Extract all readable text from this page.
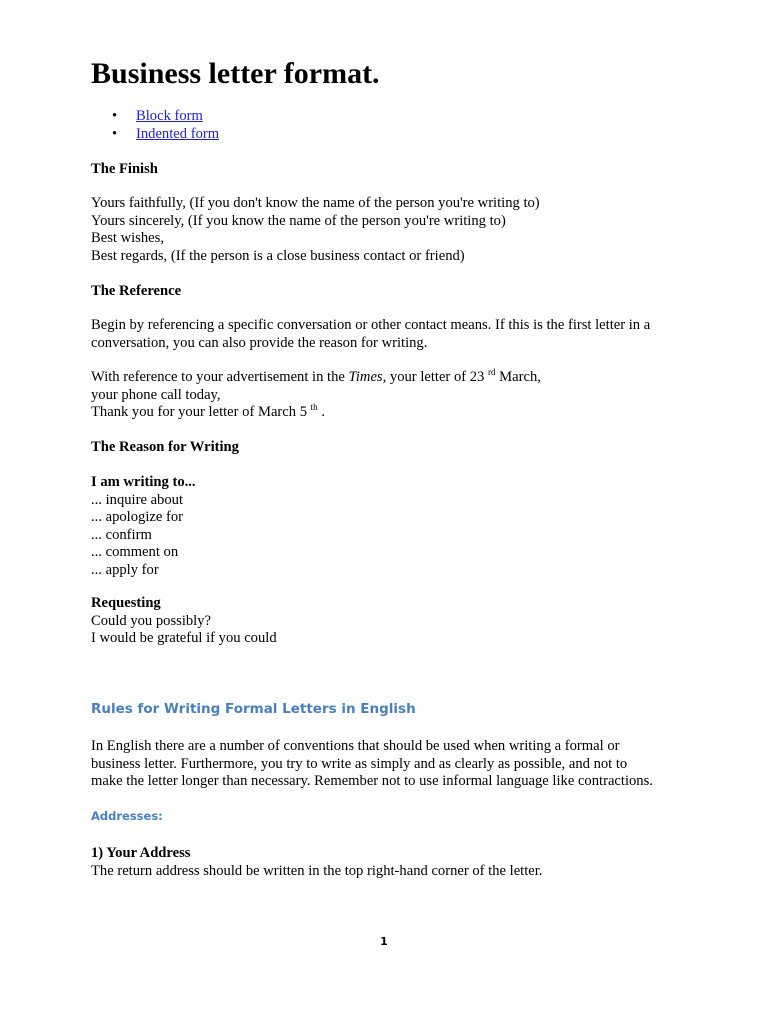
Business letter format.
• Block form
• Indented form
The Finish
Yours faithfully, (If you don't know the name of the person you're writing to)
Yours sincerely, (If you know the name of the person you're writing to)
Best wishes,
Best regards, (If the person is a close business contact or friend)
The Reference
Begin by referencing a specific conversation or other contact means. If this is the first letter in a
conversation, you can also provide the reason for writing.
With reference to your advertisement in the Times, your letter of 23 $^{rd}$ March,
your phone call today,
Thank you for your letter of March 5 $^{th}$ .
The Reason for Writing
I am writing to...
... inquire about
... apologize for
... confirm
... comment on
... apply for
Requesting
Could you possibly?
I would be grateful if you could
Rules for Writing Formal Letters in English
In English there are a number of conventions that should be used when writing a formal or
business letter. Furthermore, you try to write as simply and as clearly as possible, and not to
make the letter longer than necessary. Remember not to use informal language like contractions.
Addresses:
1) Your Address
The return address should be written in the top right-hand corner of the letter.
1
